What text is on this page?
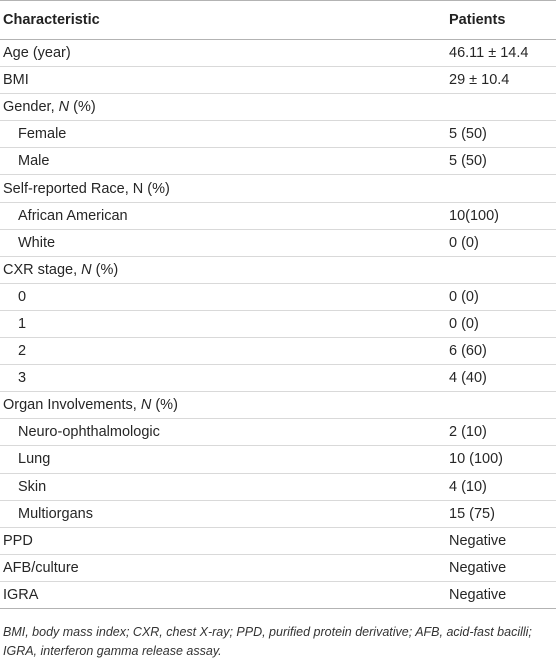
Characteristic	Patients
Age (year)	46.11 ± 14.4
BMI	29 ± 10.4
Gender, N (%)
Female	5 (50)
Male	5 (50)
Self-reported Race, N (%)
African American	10(100)
White	0 (0)
CXR stage, N (%)
0	0 (0)
1	0 (0)
2	6 (60)
3	4 (40)
Organ Involvements, N (%)
Neuro-ophthalmologic	2 (10)
Lung	10 (100)
Skin	4 (10)
Multiorgans	15 (75)
PPD	Negative
AFB/culture	Negative
IGRA	Negative
BMI, body mass index; CXR, chest X-ray; PPD, purified protein derivative; AFB, acid-fast bacilli; IGRA, interferon gamma release assay.
